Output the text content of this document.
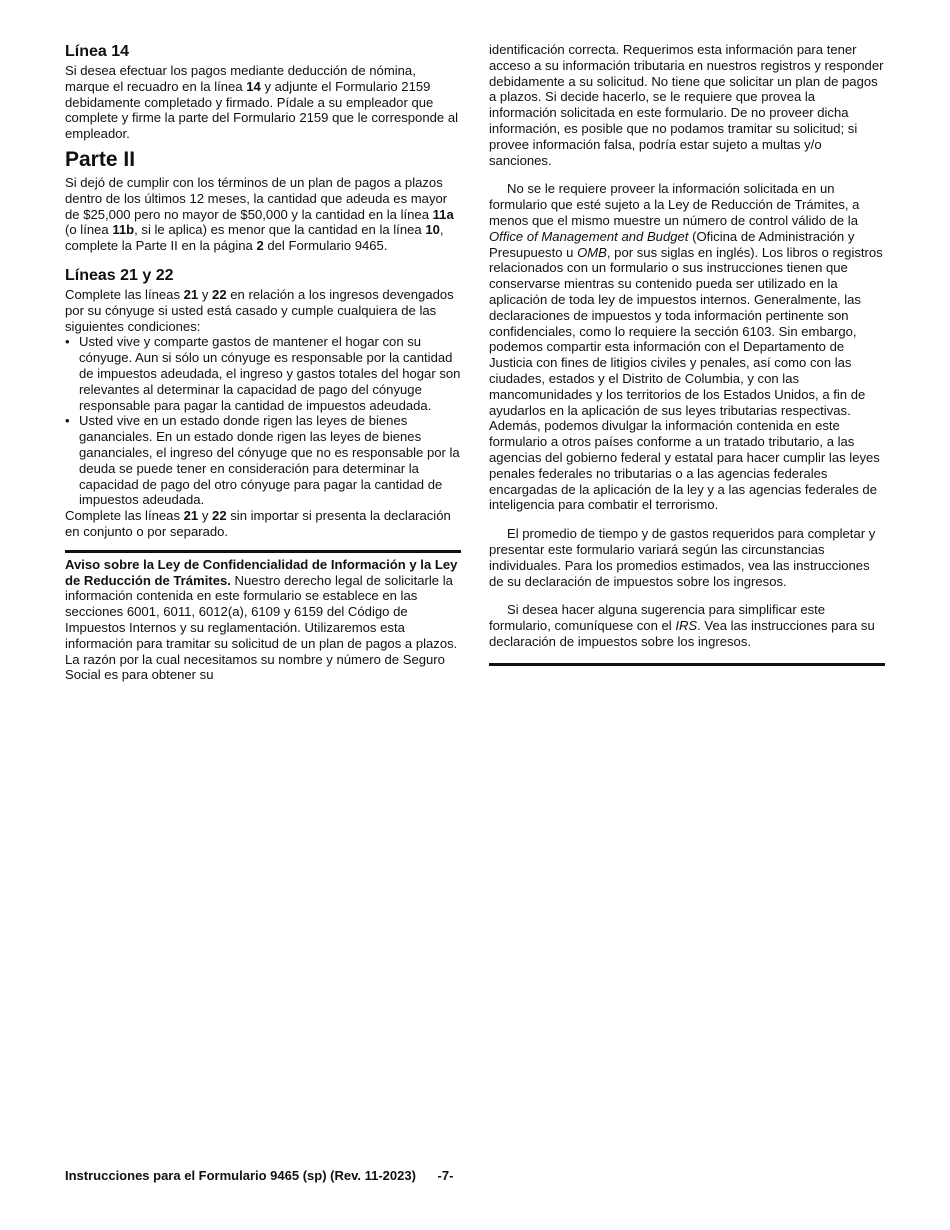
Línea 14

Si desea efectuar los pagos mediante deducción de nómina, marque el recuadro en la línea 14 y adjunte el Formulario 2159 debidamente completado y firmado. Pídale a su empleador que complete y firme la parte del Formulario 2159 que le corresponde al empleador.

Parte II

Si dejó de cumplir con los términos de un plan de pagos a plazos dentro de los últimos 12 meses, la cantidad que adeuda es mayor de $25,000 pero no mayor de $50,000 y la cantidad en la línea 11a (o línea 11b, si le aplica) es menor que la cantidad en la línea 10, complete la Parte II en la página 2 del Formulario 9465.

Líneas 21 y 22

Complete las líneas 21 y 22 en relación a los ingresos devengados por su cónyuge si usted está casado y cumple cualquiera de las siguientes condiciones:

• Usted vive y comparte gastos de mantener el hogar con su cónyuge. Aun si sólo un cónyuge es responsable por la cantidad de impuestos adeudada, el ingreso y gastos totales del hogar son relevantes al determinar la capacidad de pago del cónyuge responsable para pagar la cantidad de impuestos adeudada.
• Usted vive en un estado donde rigen las leyes de bienes gananciales. En un estado donde rigen las leyes de bienes gananciales, el ingreso del cónyuge que no es responsable por la deuda se puede tener en consideración para determinar la capacidad de pago del otro cónyuge para pagar la cantidad de impuestos adeudada.

Complete las líneas 21 y 22 sin importar si presenta la declaración en conjunto o por separado.

Aviso sobre la Ley de Confidencialidad de Información y la Ley de Reducción de Trámites. Nuestro derecho legal de solicitarle la información contenida en este formulario se establece en las secciones 6001, 6011, 6012(a), 6109 y 6159 del Código de Impuestos Internos y su reglamentación. Utilizaremos esta información para tramitar su solicitud de un plan de pagos a plazos. La razón por la cual necesitamos su nombre y número de Seguro Social es para obtener su

identificación correcta. Requerimos esta información para tener acceso a su información tributaria en nuestros registros y responder debidamente a su solicitud. No tiene que solicitar un plan de pagos a plazos. Si decide hacerlo, se le requiere que provea la información solicitada en este formulario. De no proveer dicha información, es posible que no podamos tramitar su solicitud; si provee información falsa, podría estar sujeto a multas y/o sanciones.

No se le requiere proveer la información solicitada en un formulario que esté sujeto a la Ley de Reducción de Trámites, a menos que el mismo muestre un número de control válido de la Office of Management and Budget (Oficina de Administración y Presupuesto u OMB, por sus siglas en inglés). Los libros o registros relacionados con un formulario o sus instrucciones tienen que conservarse mientras su contenido pueda ser utilizado en la aplicación de toda ley de impuestos internos. Generalmente, las declaraciones de impuestos y toda información pertinente son confidenciales, como lo requiere la sección 6103. Sin embargo, podemos compartir esta información con el Departamento de Justicia con fines de litigios civiles y penales, así como con las ciudades, estados y el Distrito de Columbia, y con las mancomunidades y los territorios de los Estados Unidos, a fin de ayudarlos en la aplicación de sus leyes tributarias respectivas. Además, podemos divulgar la información contenida en este formulario a otros países conforme a un tratado tributario, a las agencias del gobierno federal y estatal para hacer cumplir las leyes penales federales no tributarias o a las agencias federales encargadas de la aplicación de la ley y a las agencias federales de inteligencia para combatir el terrorismo.

El promedio de tiempo y de gastos requeridos para completar y presentar este formulario variará según las circunstancias individuales. Para los promedios estimados, vea las instrucciones de su declaración de impuestos sobre los ingresos.

Si desea hacer alguna sugerencia para simplificar este formulario, comuníquese con el IRS. Vea las instrucciones para su declaración de impuestos sobre los ingresos.

Instrucciones para el Formulario 9465 (sp) (Rev. 11-2023) -7-
